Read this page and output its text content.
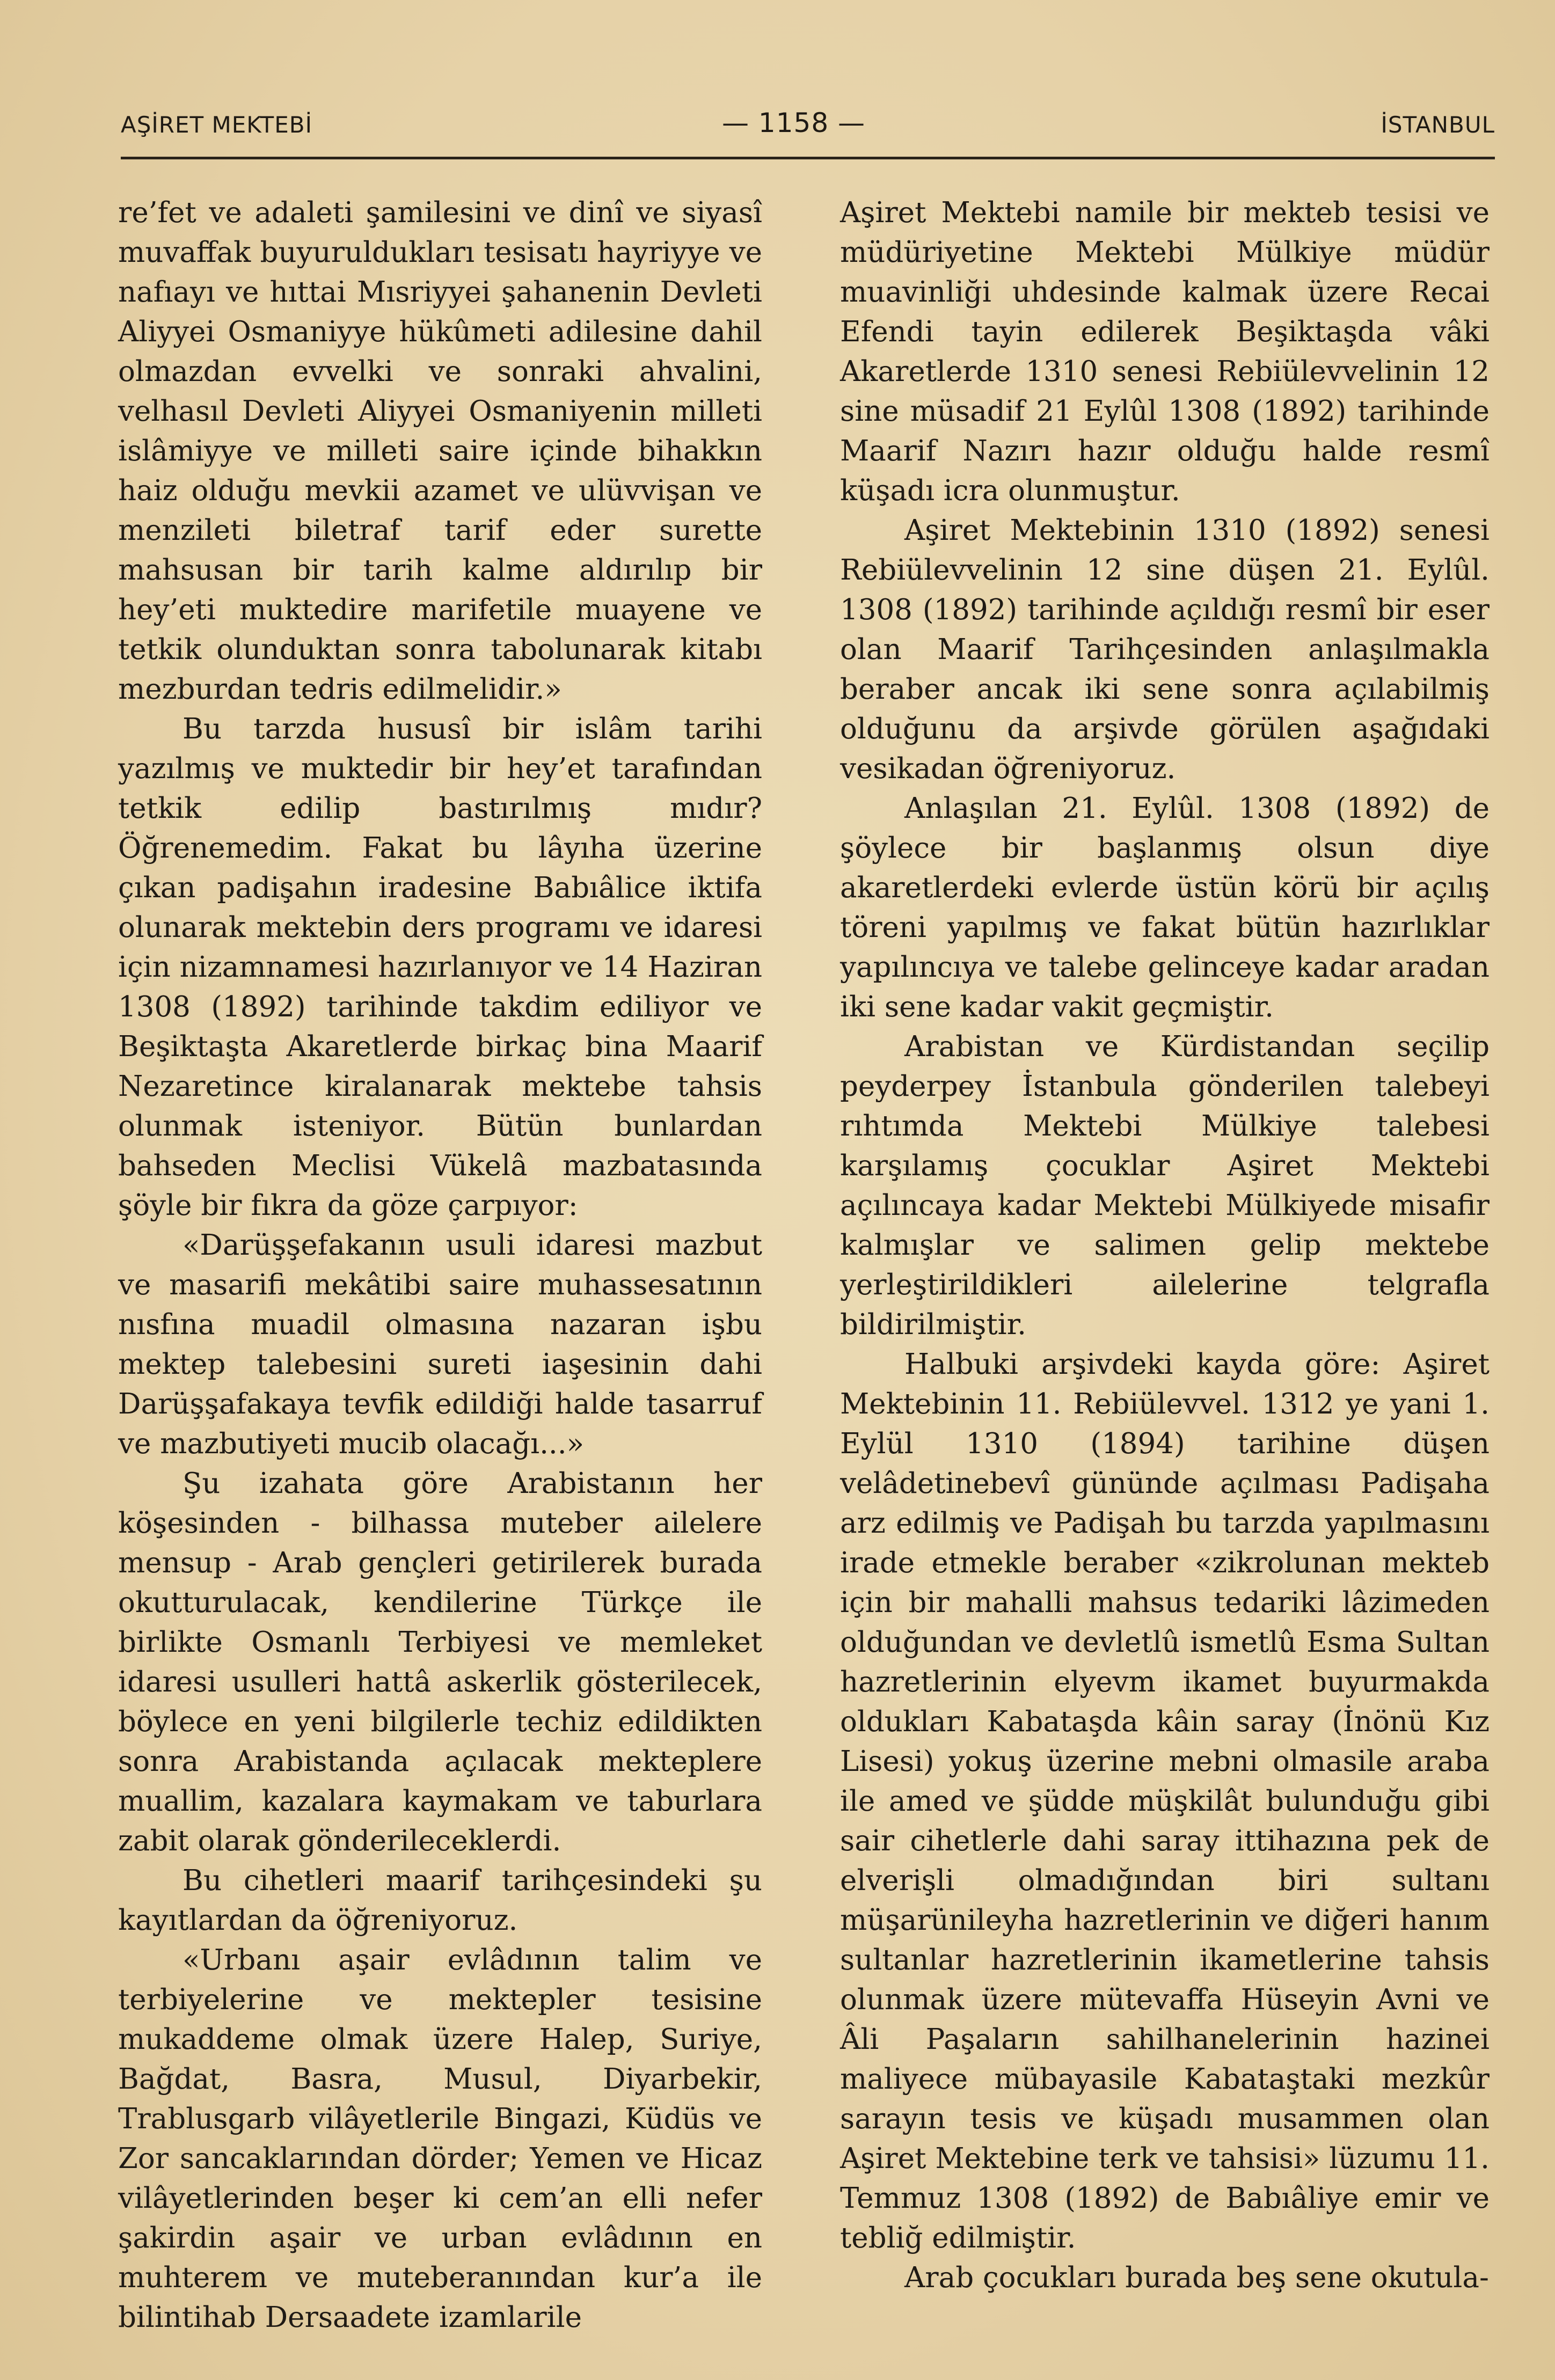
AŞİRET MEKTEBİ	— 1158 —	İSTANBUL

re’fet ve adaleti şamilesini ve dinî ve siyasî muvaffak buyuruldukları tesisatı hayriyye ve nafıayı ve hıttai Mısriyyei şahanenin Devleti Aliyyei Osmaniyye hükûmeti adilesine dahil olmazdan evvelki ve sonraki ahvalini, velhasıl Devleti Aliyyei Osmaniyenin milleti islâmiyye ve milleti saire içinde bihakkın haiz olduğu mevkii azamet ve ulüvvişan ve menzileti biletraf tarif eder surette mahsusan bir tarih kalme aldırılıp bir hey’eti muktedire marifetile muayene ve tetkik olunduktan sonra tabolunarak kitabı mezburdan tedris edilmelidir.»

Bu tarzda hususî bir islâm tarihi yazılmış ve muktedir bir hey’et tarafından tetkik edilip bastırılmış mıdır? Öğrenemedim. Fakat bu lâyıha üzerine çıkan padişahın iradesine Babıâlice iktifa olunarak mektebin ders programı ve idaresi için nizamnamesi hazırlanıyor ve 14 Haziran 1308 (1892) tarihinde takdim ediliyor ve Beşiktaşta Akaretlerde birkaç bina Maarif Nezaretince kiralanarak mektebe tahsis olunmak isteniyor. Bütün bunlardan bahseden Meclisi Vükelâ mazbatasında şöyle bir fıkra da göze çarpıyor:

«Darüşşefakanın usuli idaresi mazbut ve masarifi mekâtibi saire muhassesatının nısfına muadil olmasına nazaran işbu mektep talebesini sureti iaşesinin dahi Darüşşafakaya tevfik edildiği halde tasarruf ve mazbutiyeti mucib olacağı...»

Şu izahata göre Arabistanın her köşesinden - bilhassa muteber ailelere mensup - Arab gençleri getirilerek burada okutturulacak, kendilerine Türkçe ile birlikte Osmanlı Terbiyesi ve memleket idaresi usulleri hattâ askerlik gösterilecek, böylece en yeni bilgilerle techiz edildikten sonra Arabistanda açılacak mekteplere muallim, kazalara kaymakam ve taburlara zabit olarak gönderileceklerdi.

Bu cihetleri maarif tarihçesindeki şu kayıtlardan da öğreniyoruz.

«Urbanı aşair evlâdının talim ve terbiyelerine ve mektepler tesisine mukaddeme olmak üzere Halep, Suriye, Bağdat, Basra, Musul, Diyarbekir, Trablusgarb vilâyetlerile Bingazi, Küdüs ve Zor sancaklarından dörder; Yemen ve Hicaz vilâyetlerinden beşer ki cem’an elli nefer şakirdin aşair ve urban evlâdının en muhterem ve muteberanından kur’a ile bilintihab Dersaadete izamlarile

Aşiret Mektebi namile bir mekteb tesisi ve müdüriyetine Mektebi Mülkiye müdür muavinliği uhdesinde kalmak üzere Recai Efendi tayin edilerek Beşiktaşda vâki Akaretlerde 1310 senesi Rebiülevvelinin 12 sine müsadif 21 Eylûl 1308 (1892) tarihinde Maarif Nazırı hazır olduğu halde resmî küşadı icra olunmuştur.

Aşiret Mektebinin 1310 (1892) senesi Rebiülevvelinin 12 sine düşen 21. Eylûl. 1308 (1892) tarihinde açıldığı resmî bir eser olan Maarif Tarihçesinden anlaşılmakla beraber ancak iki sene sonra açılabilmiş olduğunu da arşivde görülen aşağıdaki vesikadan öğreniyoruz.

Anlaşılan 21. Eylûl. 1308 (1892) de şöylece bir başlanmış olsun diye akaretlerdeki evlerde üstün körü bir açılış töreni yapılmış ve fakat bütün hazırlıklar yapılıncıya ve talebe gelinceye kadar aradan iki sene kadar vakit geçmiştir.

Arabistan ve Kürdistandan seçilip peyderpey İstanbula gönderilen talebeyi rıhtımda Mektebi Mülkiye talebesi karşılamış çocuklar Aşiret Mektebi açılıncaya kadar Mektebi Mülkiyede misafir kalmışlar ve salimen gelip mektebe yerleştirildikleri ailelerine telgrafla bildirilmiştir.

Halbuki arşivdeki kayda göre: Aşiret Mektebinin 11. Rebiülevvel. 1312 ye yani 1. Eylül 1310 (1894) tarihine düşen velâdetinebevî gününde açılması Padişaha arz edilmiş ve Padişah bu tarzda yapılmasını irade etmekle beraber «zikrolunan mekteb için bir mahalli mahsus tedariki lâzimeden olduğundan ve devletlû ismetlû Esma Sultan hazretlerinin elyevm ikamet buyurmakda oldukları Kabataşda kâin saray (İnönü Kız Lisesi) yokuş üzerine mebni olmasile araba ile amed ve şüdde müşkilât bulunduğu gibi sair cihetlerle dahi saray ittihazına pek de elverişli olmadığından biri sultanı müşarünileyha hazretlerinin ve diğeri hanım sultanlar hazretlerinin ikametlerine tahsis olunmak üzere mütevaffa Hüseyin Avni ve Âli Paşaların sahilhanelerinin hazinei maliyece mübayasile Kabataştaki mezkûr sarayın tesis ve küşadı musammen olan Aşiret Mektebine terk ve tahsisi» lüzumu 11. Temmuz 1308 (1892) de Babıâliye emir ve tebliğ edilmiştir.

Arab çocukları burada beş sene okutula-
